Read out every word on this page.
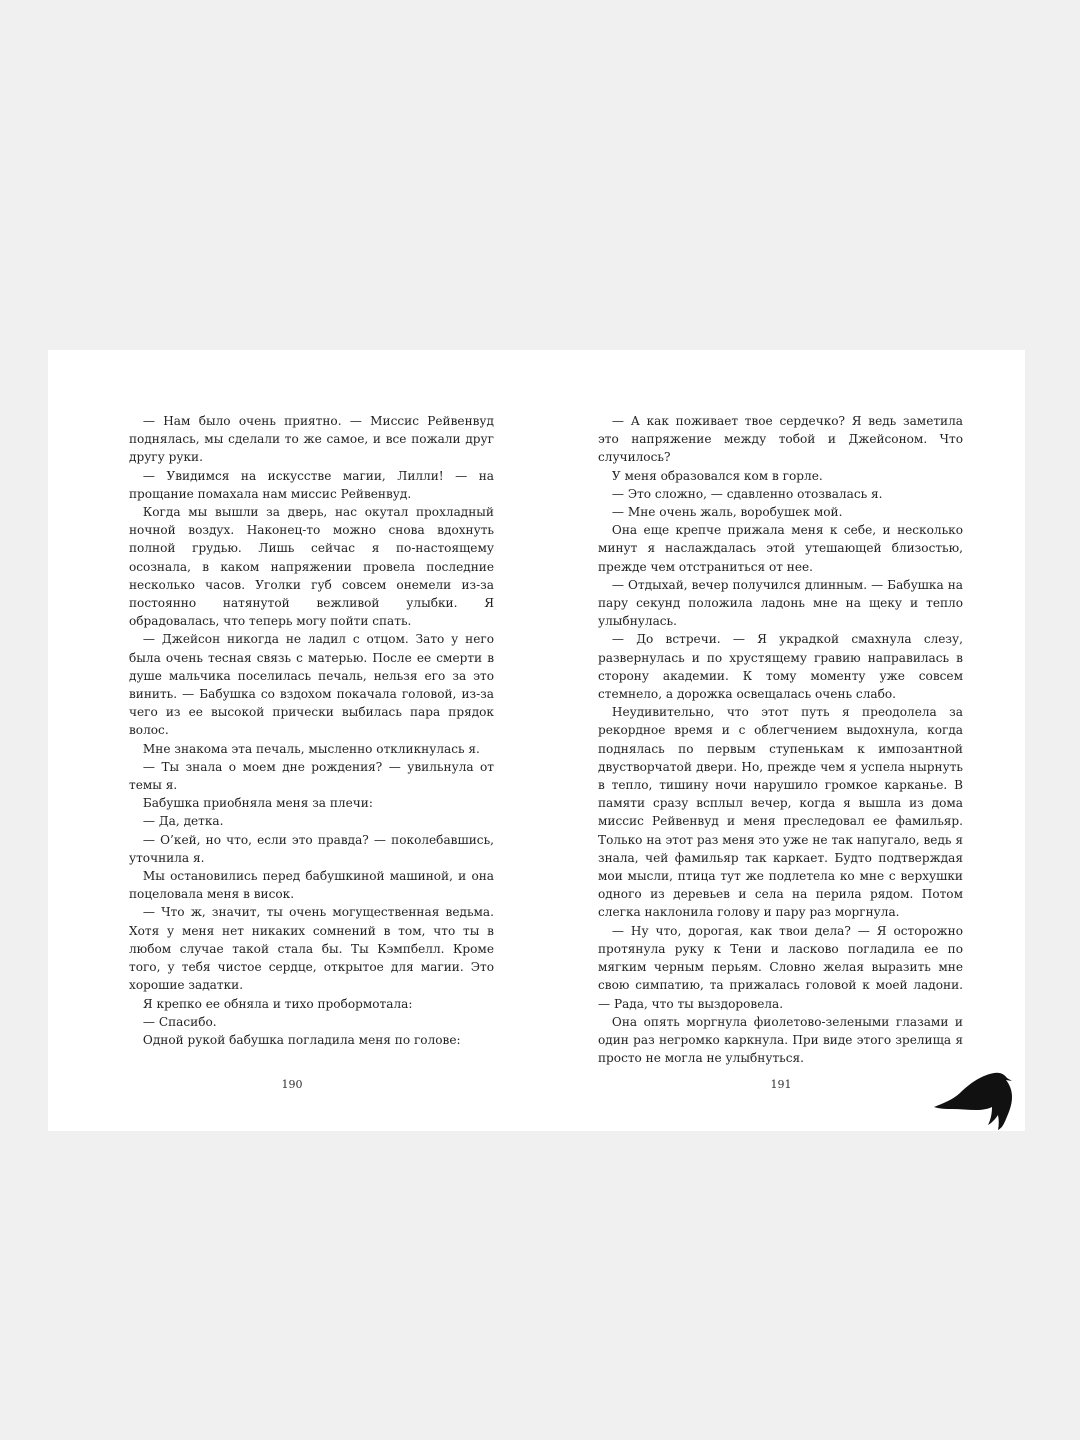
— Нам было очень приятно. — Миссис Рейвенвуд поднялась, мы сделали то же самое, и все пожали друг другу руки.

— Увидимся на искусстве магии, Лилли! — на прощание помахала нам миссис Рейвенвуд.

Когда мы вышли за дверь, нас окутал прохладный ночной воздух. Наконец-то можно снова вдохнуть полной грудью. Лишь сейчас я по-настоящему осознала, в каком напряжении провела последние несколько часов. Уголки губ совсем онемели из-за постоянно натянутой вежливой улыбки. Я обрадовалась, что теперь могу пойти спать.

— Джейсон никогда не ладил с отцом. Зато у него была очень тесная связь с матерью. После ее смерти в душе мальчика поселилась печаль, нельзя его за это винить. — Бабушка со вздохом покачала головой, из-за чего из ее высокой прически выбилась пара прядок волос.

Мне знакома эта печаль, мысленно откликнулась я.

— Ты знала о моем дне рождения? — увильнула от темы я.

Бабушка приобняла меня за плечи:

— Да, детка.

— О’кей, но что, если это правда? — поколебавшись, уточнила я.

Мы остановились перед бабушкиной машиной, и она поцеловала меня в висок.

— Что ж, значит, ты очень могущественная ведьма. Хотя у меня нет никаких сомнений в том, что ты в любом случае такой стала бы. Ты Кэмпбелл. Кроме того, у тебя чистое сердце, открытое для магии. Это хорошие задатки.

Я крепко ее обняла и тихо пробормотала:

— Спасибо.

Одной рукой бабушка погладила меня по голове:

— А как поживает твое сердечко? Я ведь заметила это напряжение между тобой и Джейсоном. Что случилось?

У меня образовался ком в горле.

— Это сложно, — сдавленно отозвалась я.

— Мне очень жаль, воробушек мой.

Она еще крепче прижала меня к себе, и несколько минут я наслаждалась этой утешающей близостью, прежде чем отстраниться от нее.

— Отдыхай, вечер получился длинным. — Бабушка на пару секунд положила ладонь мне на щеку и тепло улыбнулась.

— До встречи. — Я украдкой смахнула слезу, развернулась и по хрустящему гравию направилась в сторону академии. К тому моменту уже совсем стемнело, а дорожка освещалась очень слабо.

Неудивительно, что этот путь я преодолела за рекордное время и с облегчением выдохнула, когда поднялась по первым ступенькам к импозантной двустворчатой двери. Но, прежде чем я успела нырнуть в тепло, тишину ночи нарушило громкое карканье. В памяти сразу всплыл вечер, когда я вышла из дома миссис Рейвенвуд и меня преследовал ее фамильяр. Только на этот раз меня это уже не так напугало, ведь я знала, чей фамильяр так каркает. Будто подтверждая мои мысли, птица тут же подлетела ко мне с верхушки одного из деревьев и села на перила рядом. Потом слегка наклонила голову и пару раз моргнула.

— Ну что, дорогая, как твои дела? — Я осторожно протянула руку к Тени и ласково погладила ее по мягким черным перьям. Словно желая выразить мне свою симпатию, та прижалась головой к моей ладони. — Рада, что ты выздоровела.

Она опять моргнула фиолетово-зелеными глазами и один раз негромко каркнула. При виде этого зрелища я просто не могла не улыбнуться.

190	191
